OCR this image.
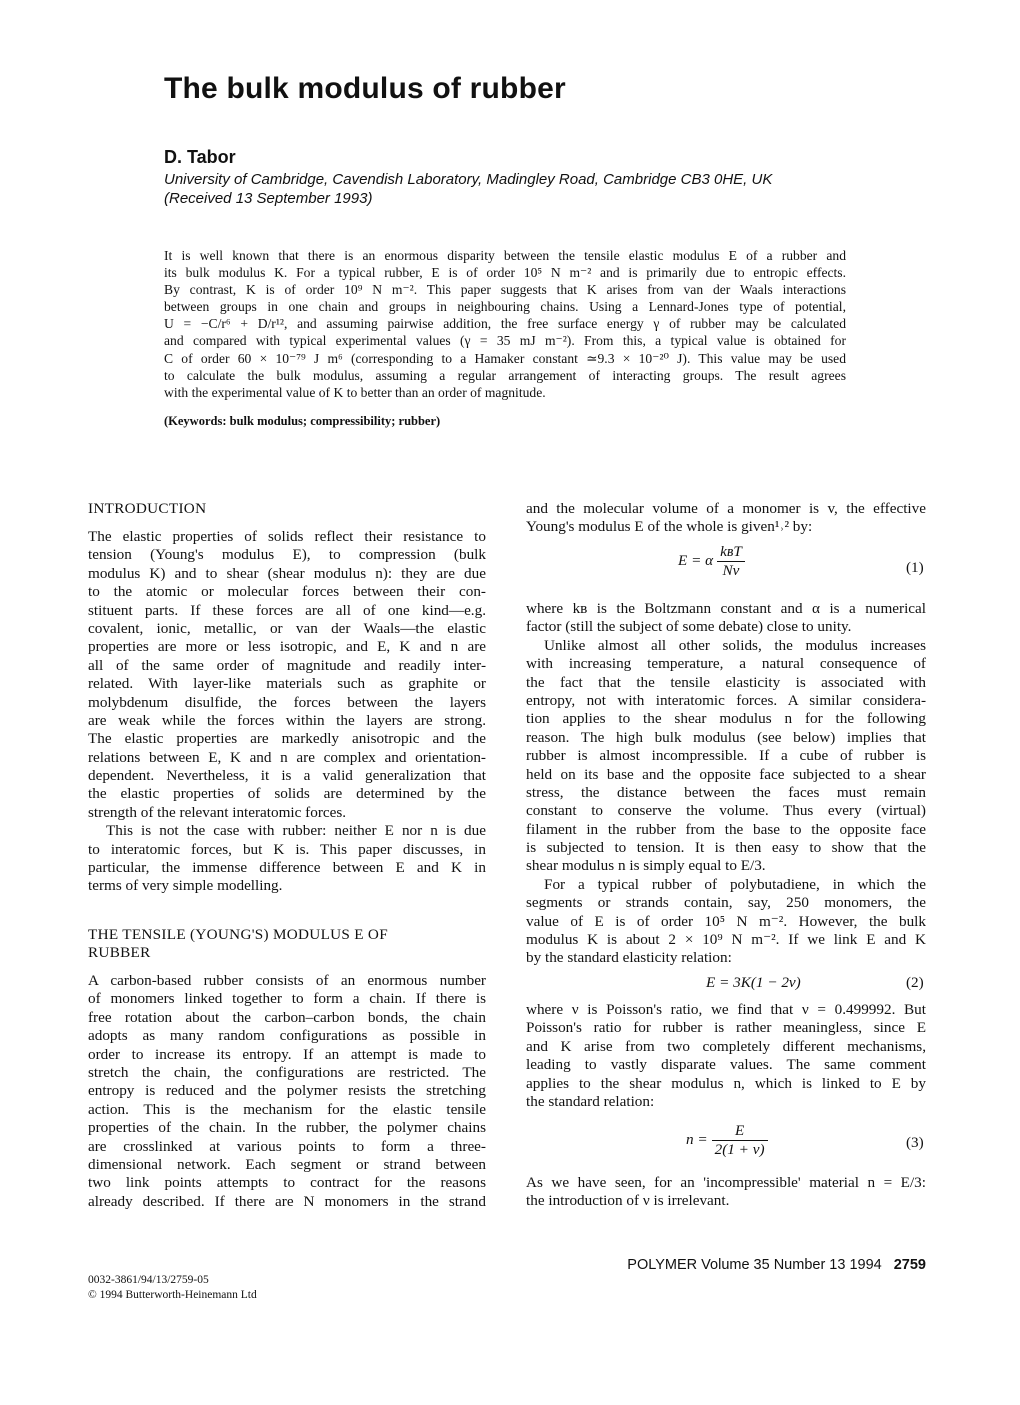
The bulk modulus of rubber
D. Tabor
University of Cambridge, Cavendish Laboratory, Madingley Road, Cambridge CB3 0HE, UK
(Received 13 September 1993)
It is well known that there is an enormous disparity between the tensile elastic modulus E of a rubber and
its bulk modulus K. For a typical rubber, E is of order 10⁵ N m⁻² and is primarily due to entropic effects.
By contrast, K is of order 10⁹ N m⁻². This paper suggests that K arises from van der Waals interactions
between groups in one chain and groups in neighbouring chains. Using a Lennard-Jones type of potential,
U = −C/r⁶ + D/r¹², and assuming pairwise addition, the free surface energy γ of rubber may be calculated
and compared with typical experimental values (γ = 35 mJ m⁻²). From this, a typical value is obtained for
C of order 60 × 10⁻⁷⁹ J m⁶ (corresponding to a Hamaker constant ≃9.3 × 10⁻²⁰ J). This value may be used
to calculate the bulk modulus, assuming a regular arrangement of interacting groups. The result agrees
with the experimental value of K to better than an order of magnitude.
(Keywords: bulk modulus; compressibility; rubber)
INTRODUCTION
The elastic properties of solids reflect their resistance to
tension (Young's modulus E), to compression (bulk
modulus K) and to shear (shear modulus n): they are due
to the atomic or molecular forces between their con-
stituent parts. If these forces are all of one kind—e.g.
covalent, ionic, metallic, or van der Waals—the elastic
properties are more or less isotropic, and E, K and n are
all of the same order of magnitude and readily inter-
related. With layer-like materials such as graphite or
molybdenum disulfide, the forces between the layers
are weak while the forces within the layers are strong.
The elastic properties are markedly anisotropic and the
relations between E, K and n are complex and orientation-
dependent. Nevertheless, it is a valid generalization that
the elastic properties of solids are determined by the
strength of the relevant interatomic forces.
This is not the case with rubber: neither E nor n is due
to interatomic forces, but K is. This paper discusses, in
particular, the immense difference between E and K in
terms of very simple modelling.
THE TENSILE (YOUNG'S) MODULUS E OF
RUBBER
A carbon-based rubber consists of an enormous number
of monomers linked together to form a chain. If there is
free rotation about the carbon–carbon bonds, the chain
adopts as many random configurations as possible in
order to increase its entropy. If an attempt is made to
stretch the chain, the configurations are restricted. The
entropy is reduced and the polymer resists the stretching
action. This is the mechanism for the elastic tensile
properties of the chain. In the rubber, the polymer chains
are crosslinked at various points to form a three-
dimensional network. Each segment or strand between
two link points attempts to contract for the reasons
already described. If there are N monomers in the strand
and the molecular volume of a monomer is v, the effective
Young's modulus E of the whole is given¹˒² by:
E = α $\frac{\text{kʙT}}{Nv}$	(1)
where kʙ is the Boltzmann constant and α is a numerical
factor (still the subject of some debate) close to unity.
Unlike almost all other solids, the modulus increases
with increasing temperature, a natural consequence of
the fact that the tensile elasticity is associated with
entropy, not with interatomic forces. A similar considera-
tion applies to the shear modulus n for the following
reason. The high bulk modulus (see below) implies that
rubber is almost incompressible. If a cube of rubber is
held on its base and the opposite face subjected to a shear
stress, the distance between the faces must remain
constant to conserve the volume. Thus every (virtual)
filament in the rubber from the base to the opposite face
is subjected to tension. It is then easy to show that the
shear modulus n is simply equal to E/3.
For a typical rubber of polybutadiene, in which the
segments or strands contain, say, 250 monomers, the
value of E is of order 10⁵ N m⁻². However, the bulk
modulus K is about 2 × 10⁹ N m⁻². If we link E and K
by the standard elasticity relation:
E = 3K(1 − 2ν)	(2)
where ν is Poisson's ratio, we find that ν = 0.499992. But
Poisson's ratio for rubber is rather meaningless, since E
and K arise from two completely different mechanisms,
leading to vastly disparate values. The same comment
applies to the shear modulus n, which is linked to E by
the standard relation:
$n = \frac{E}{2(1 + \nu)}$	(3)
As we have seen, for an 'incompressible' material n = E/3:
the introduction of ν is irrelevant.
0032-3861/94/13/2759-05
© 1994 Butterworth-Heinemann Ltd
POLYMER Volume 35 Number 13 1994 2759
